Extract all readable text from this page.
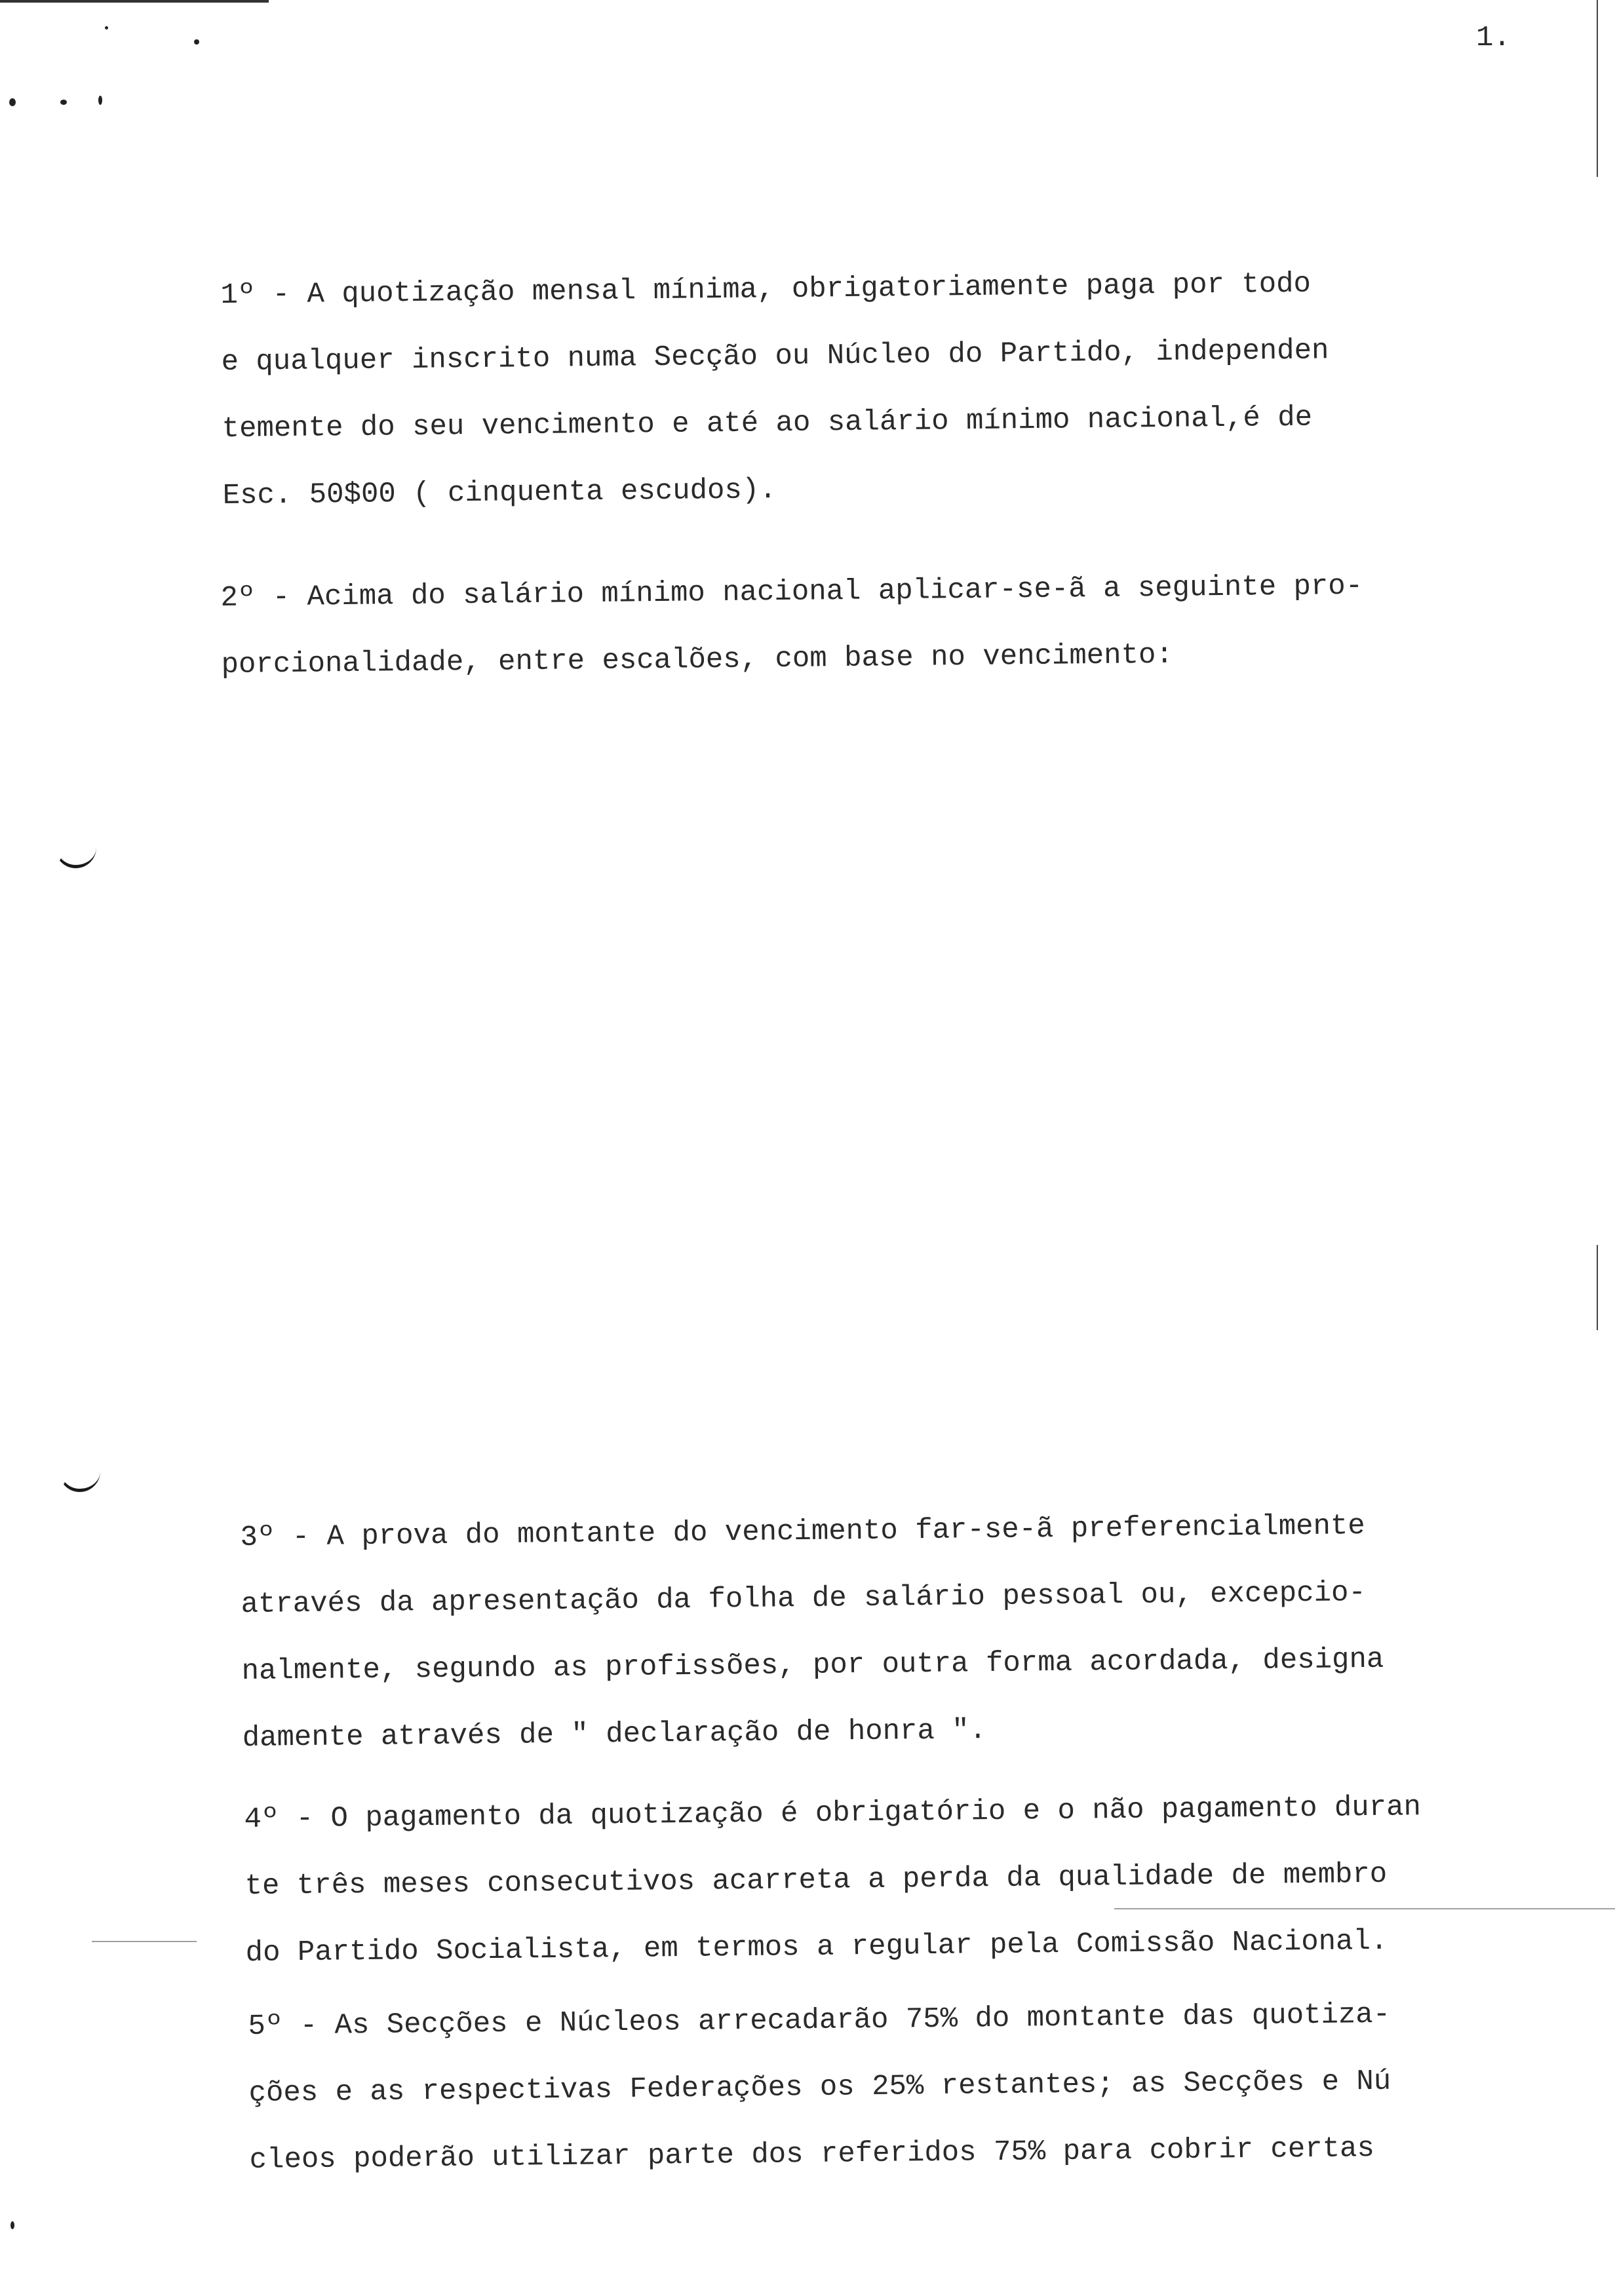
1.
1º - A quotização mensal mínima, obrigatoriamente paga por todo
e qualquer inscrito numa Secção ou Núcleo do Partido, independen
temente do seu vencimento e até ao salário mínimo nacional,é de
Esc. 50$00 ( cinquenta escudos).
2º - Acima do salário mínimo nacional aplicar-se-ã a seguinte pro-
porcionalidade, entre escalões, com base no vencimento:
3º - A prova do montante do vencimento far-se-ã preferencialmente
através da apresentação da folha de salário pessoal ou, excepcio-
nalmente, segundo as profissões, por outra forma acordada, designa
damente através de " declaração de honra ".
4º - O pagamento da quotização é obrigatório e o não pagamento duran
te três meses consecutivos acarreta a perda da qualidade de membro
do Partido Socialista, em termos a regular pela Comissão Nacional.
5º - As Secções e Núcleos arrecadarão 75% do montante das quotiza-
ções e as respectivas Federações os 25% restantes; as Secções e Nú
cleos poderão utilizar parte dos referidos 75% para cobrir certas
